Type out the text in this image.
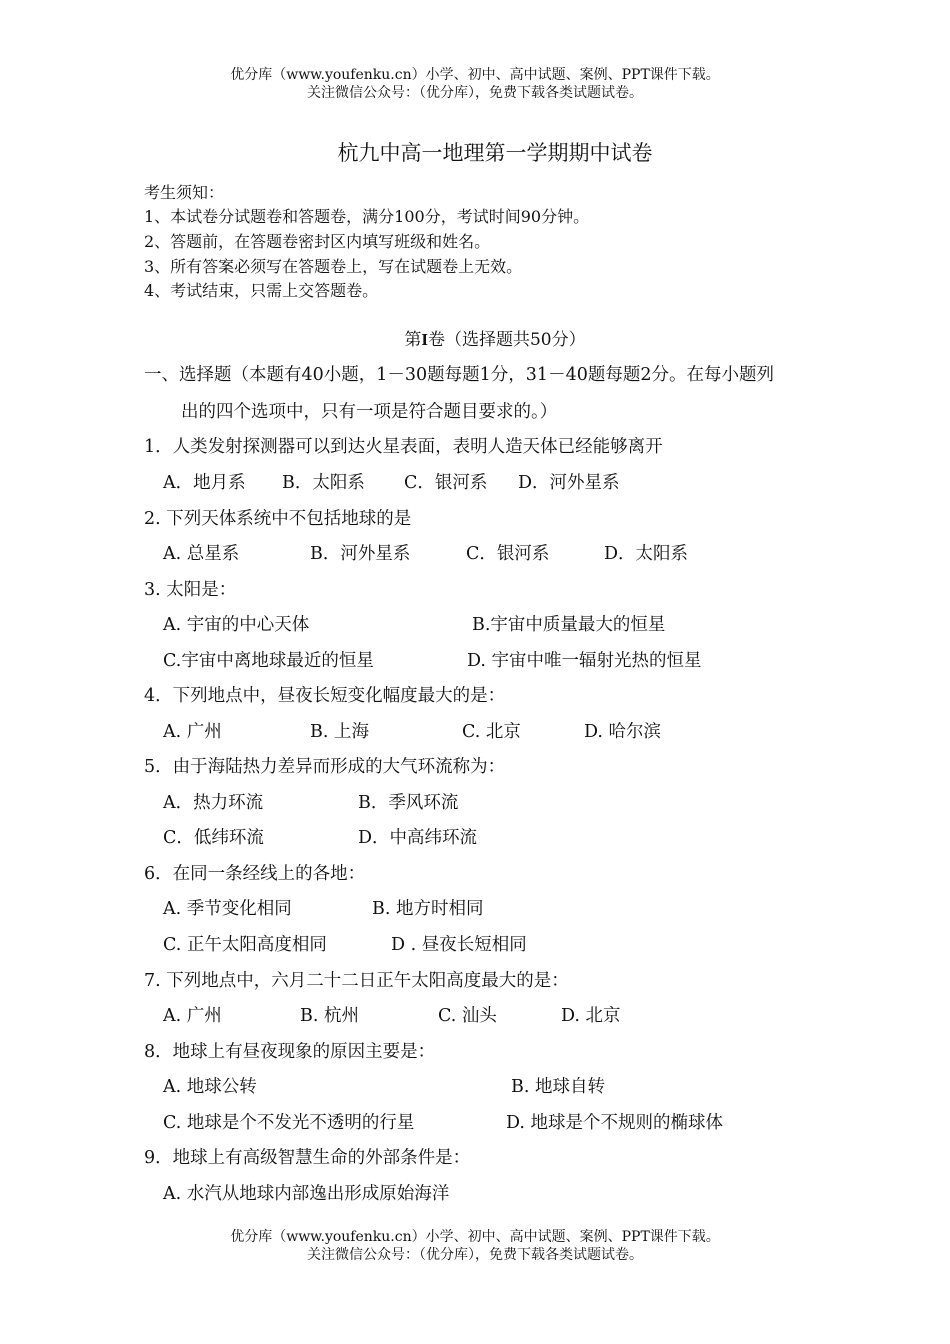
优分库（www.youfenku.cn）小学、初中、高中试题、案例、PPT课件下载。
关注微信公众号：（优分库），免费下载各类试题试卷。
杭九中高一地理第一学期期中试卷
考生须知：
1、本试卷分试题卷和答题卷，满分100分，考试时间90分钟。
2、答题前，在答题卷密封区内填写班级和姓名。
3、所有答案必须写在答题卷上，写在试题卷上无效。
4、考试结束，只需上交答题卷。
第I卷（选择题共50分）
一、选择题（本题有40小题，1－30题每题1分，31－40题每题2分。在每小题列
出的四个选项中，只有一项是符合题目要求的。）
1．人类发射探测器可以到达火星表面，表明人造天体已经能够离开
A．地月系 B．太阳系 C．银河系 D．河外星系
2. 下列天体系统中不包括地球的是
A. 总星系	B．河外星系	C．银河系	D．太阳系
3. 太阳是：
A. 宇宙的中心天体	B.宇宙中质量最大的恒星
C.宇宙中离地球最近的恒星	D. 宇宙中唯一辐射光热的恒星
4．下列地点中，昼夜长短变化幅度最大的是：
A. 广州	B. 上海	C. 北京	D. 哈尔滨
5．由于海陆热力差异而形成的大气环流称为：
A．热力环流	B．季风环流
C．低纬环流	D．中高纬环流
6．在同一条经线上的各地：
A. 季节变化相同	B. 地方时相同
C. 正午太阳高度相同	D . 昼夜长短相同
7. 下列地点中，六月二十二日正午太阳高度最大的是：
A. 广州	B. 杭州	C. 汕头	D. 北京
8．地球上有昼夜现象的原因主要是：
A. 地球公转	B. 地球自转
C. 地球是个不发光不透明的行星	D. 地球是个不规则的椭球体
9．地球上有高级智慧生命的外部条件是：
A. 水汽从地球内部逸出形成原始海洋
优分库（www.youfenku.cn）小学、初中、高中试题、案例、PPT课件下载。
关注微信公众号：（优分库），免费下载各类试题试卷。
